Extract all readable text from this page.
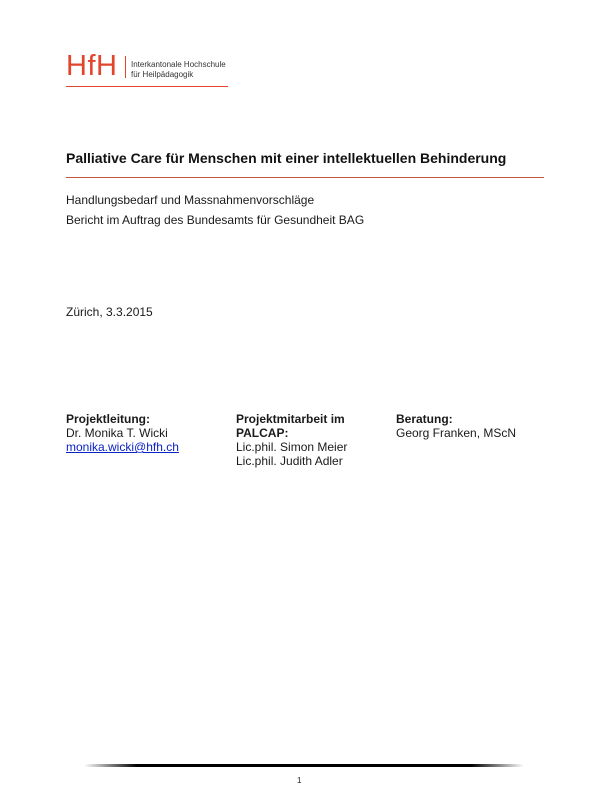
HfH Interkantonale Hochschule
für Heilpädagogik
Palliative Care für Menschen mit einer intellektuellen Behinderung
Handlungsbedarf und Massnahmenvorschläge
Bericht im Auftrag des Bundesamts für Gesundheit BAG
Zürich, 3.3.2015
Projektleitung:
Dr. Monika T. Wicki
monika.wicki@hfh.ch
Projektmitarbeit im
PALCAP:
Lic.phil. Simon Meier
Lic.phil. Judith Adler
Beratung:
Georg Franken, MScN
1
